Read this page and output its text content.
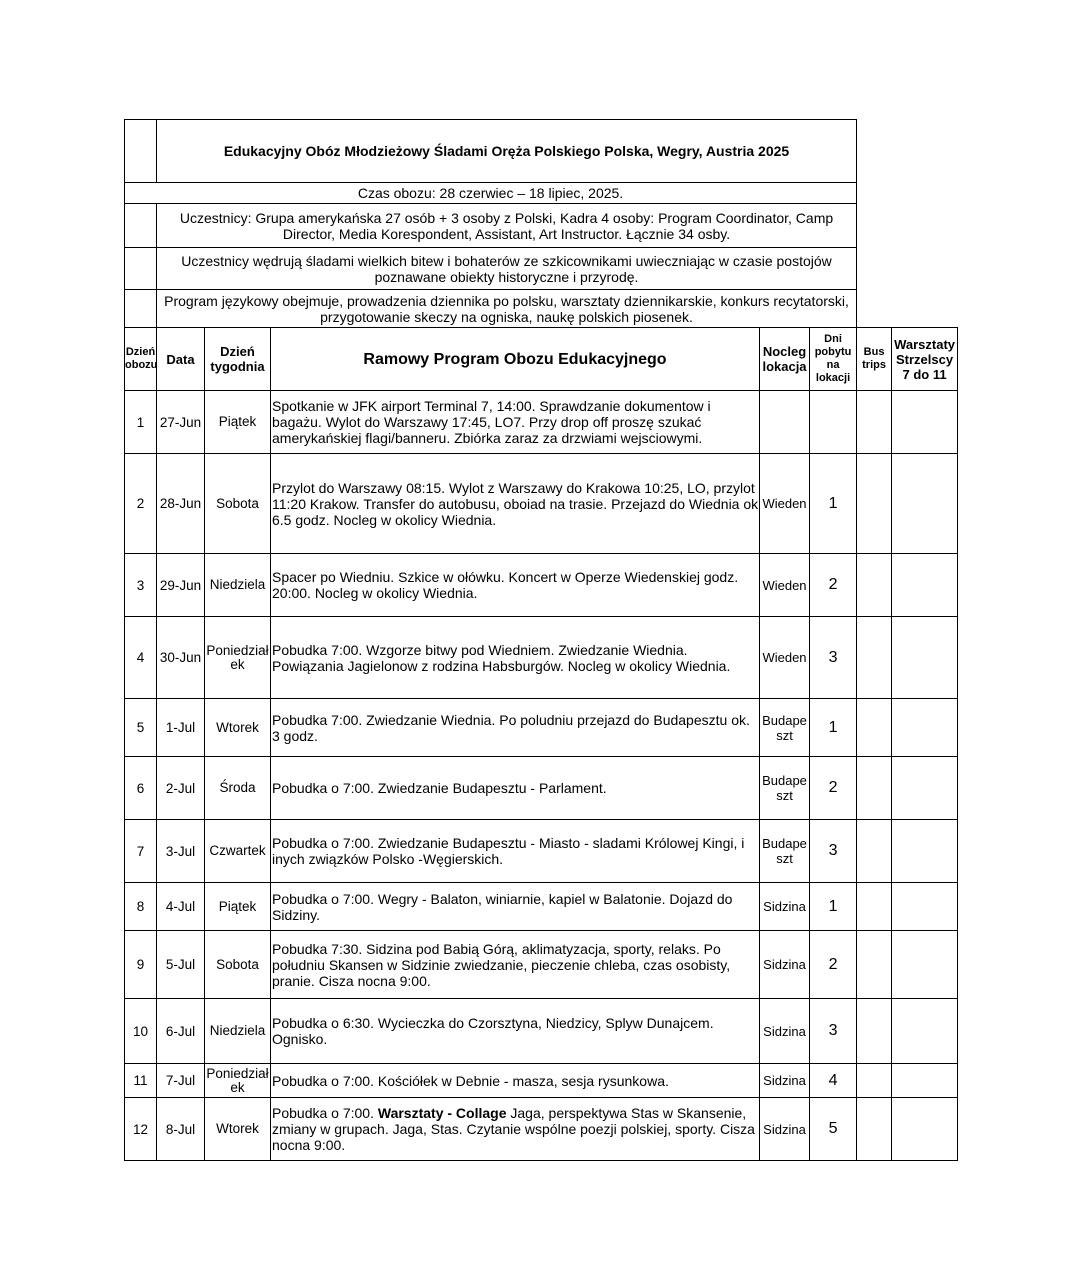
	Edukacyjny Obóz Młodzieżowy Śladami Oręża Polskiego Polska, Wegry, Austria 2025						
Czas obozu: 28 czerwiec – 18 lipiec, 2025.							
	Uczestnicy: Grupa amerykańska 27 osób + 3 osoby z Polski, Kadra 4 osoby: Program Coordinator, Camp Director, Media Korespondent, Assistant, Art Instructor. Łącznie 34 osby.						
	Uczestnicy wędrują śladami wielkich bitew i bohaterów ze szkicownikami uwieczniając w czasie postojów poznawane obiekty historyczne i przyrodę.						
	Program językowy obejmuje, prowadzenia dziennika po polsku, warsztaty dziennikarskie, konkurs recytatorski, przygotowanie skeczy na ogniska, naukę polskich piosenek.						
Dzień obozu	Data	Dzień tygodnia	Ramowy Program Obozu Edukacyjnego	Nocleg lokacja	Dni pobytu na lokacji	Bus trips	Warsztaty Strzelscy 7 do 11
1	27-Jun	Piątek	Spotkanie w JFK airport Terminal 7, 14:00. Sprawdzanie dokumentow i bagażu. Wylot do Warszawy 17:45, LO7. Przy drop off proszę szukać amerykańskiej flagi/banneru. Zbiórka zaraz za drzwiami wejsciowymi.				
2	28-Jun	Sobota	Przylot do Warszawy 08:15. Wylot z Warszawy do Krakowa 10:25, LO, przylot 11:20 Krakow. Transfer do autobusu, oboiad na trasie. Przejazd do Wiednia ok 6.5 godz. Nocleg w okolicy Wiednia.	Wieden	1		
3	29-Jun	Niedziela	Spacer po Wiedniu. Szkice w ołówku. Koncert w Operze Wiedenskiej godz. 20:00. Nocleg w okolicy Wiednia.	Wieden	2		
4	30-Jun	Poniedział ek	Pobudka 7:00. Wzgorze bitwy pod Wiedniem. Zwiedzanie Wiednia. Powiązania Jagielonow z rodzina Habsburgów. Nocleg w okolicy Wiednia.	Wieden	3		
5	1-Jul	Wtorek	Pobudka 7:00. Zwiedzanie Wiednia. Po poludniu przejazd do Budapesztu ok. 3 godz.	Budape szt	1		
6	2-Jul	Środa	Pobudka o 7:00. Zwiedzanie Budapesztu - Parlament.	Budape szt	2		
7	3-Jul	Czwartek	Pobudka o 7:00. Zwiedzanie Budapesztu - Miasto - sladami Królowej Kingi, i inych związków Polsko -Węgierskich.	Budape szt	3		
8	4-Jul	Piątek	Pobudka o 7:00. Wegry - Balaton, winiarnie, kapiel w Balatonie. Dojazd do Sidziny.	Sidzina	1		
9	5-Jul	Sobota	Pobudka 7:30. Sidzina pod Babią Górą, aklimatyzacja, sporty, relaks. Po południu Skansen w Sidzinie zwiedzanie, pieczenie chleba, czas osobisty, pranie. Cisza nocna 9:00.	Sidzina	2		
10	6-Jul	Niedziela	Pobudka o 6:30. Wycieczka do Czorsztyna, Niedzicy, Splyw Dunajcem. Ognisko.	Sidzina	3		
11	7-Jul	Poniedział ek	Pobudka o 7:00. Kościółek w Debnie - masza, sesja rysunkowa.	Sidzina	4		
12	8-Jul	Wtorek	Pobudka o 7:00. Warsztaty - Collage Jaga, perspektywa Stas w Skansenie, zmiany w grupach. Jaga, Stas. Czytanie wspólne poezji polskiej, sporty. Cisza nocna 9:00.	Sidzina	5		
